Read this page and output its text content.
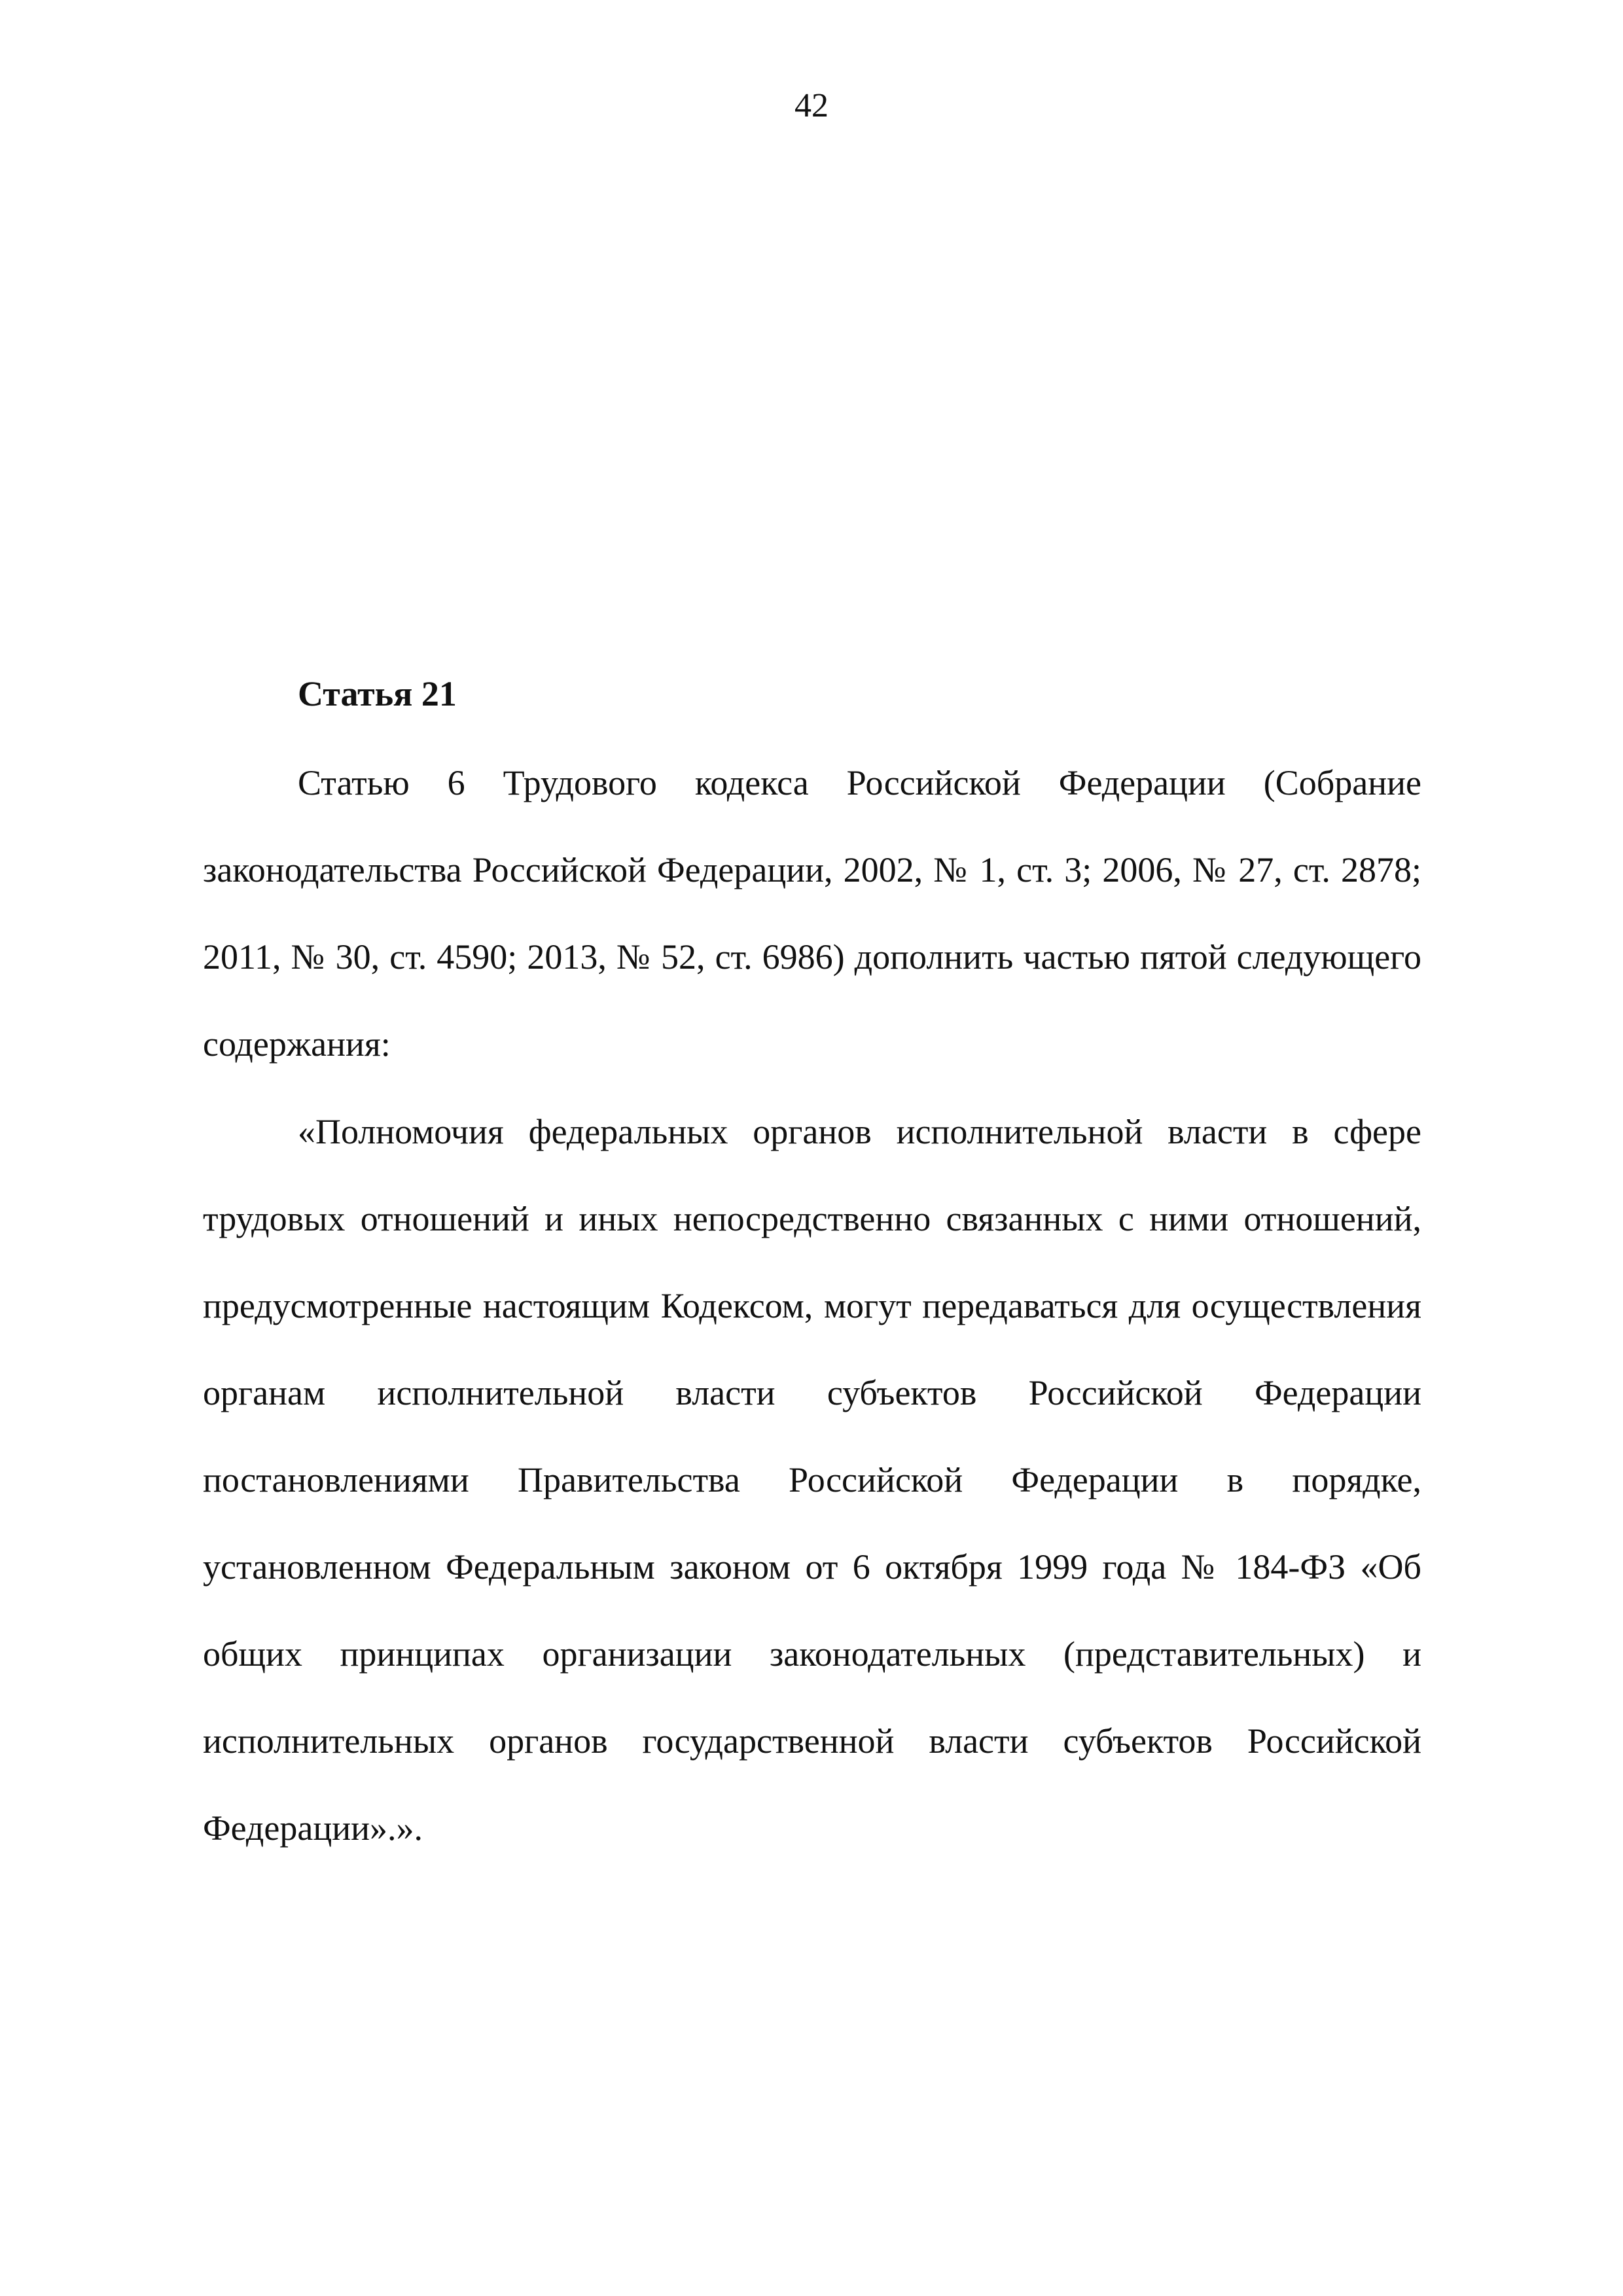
42
Статья 21

Статью 6 Трудового кодекса Российской Федерации (Собрание законодательства Российской Федерации, 2002, № 1, ст. 3; 2006, № 27, ст. 2878; 2011, № 30, ст. 4590; 2013, № 52, ст. 6986) дополнить частью пятой следующего содержания:

«Полномочия федеральных органов исполнительной власти в сфере трудовых отношений и иных непосредственно связанных с ними отношений, предусмотренные настоящим Кодексом, могут передаваться для осуществления органам исполнительной власти субъектов Российской Федерации постановлениями Правительства Российской Федерации в порядке, установленном Федеральным законом от 6 октября 1999 года № 184-ФЗ «Об общих принципах организации законодательных (представительных) и исполнительных органов государственной власти субъектов Российской Федерации».».
